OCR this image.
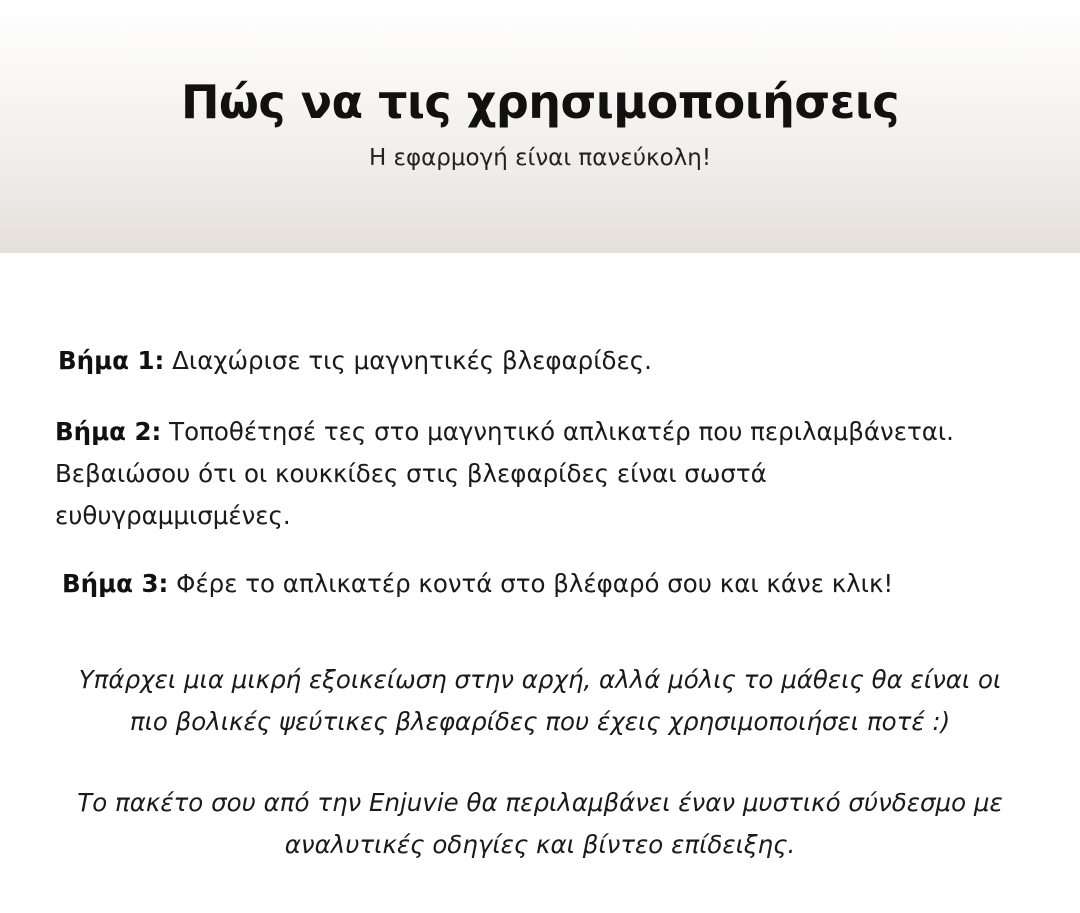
Πώς να τις χρησιμοποιήσεις

Η εφαρμογή είναι πανεύκολη!

Βήμα 1: Διαχώρισε τις μαγνητικές βλεφαρίδες.

Βήμα 2: Τοποθέτησέ τες στο μαγνητικό απλικατέρ που περιλαμβάνεται.
Βεβαιώσου ότι οι κουκκίδες στις βλεφαρίδες είναι σωστά
ευθυγραμμισμένες.

Βήμα 3: Φέρε το απλικατέρ κοντά στο βλέφαρό σου και κάνε κλικ!

Υπάρχει μια μικρή εξοικείωση στην αρχή, αλλά μόλις το μάθεις θα είναι οι
πιο βολικές ψεύτικες βλεφαρίδες που έχεις χρησιμοποιήσει ποτέ :)

Το πακέτο σου από την Enjuvie θα περιλαμβάνει έναν μυστικό σύνδεσμο με
αναλυτικές οδηγίες και βίντεο επίδειξης.
